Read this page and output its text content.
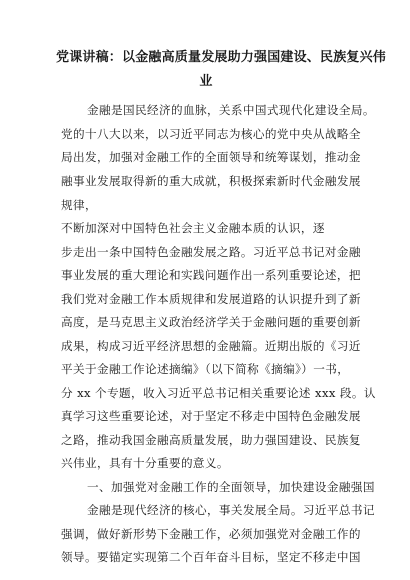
党课讲稿：以金融高质量发展助力强国建设、民族复兴伟
业
金融是国民经济的血脉，关系中国式现代化建设全局。
党的十八大以来，以习近平同志为核心的党中央从战略全
局出发，加强对金融工作的全面领导和统筹谋划，推动金
融事业发展取得新的重大成就，积极探索新时代金融发展
规律，
不断加深对中国特色社会主义金融本质的认识，逐
步走出一条中国特色金融发展之路。习近平总书记对金融
事业发展的重大理论和实践问题作出一系列重要论述，把
我们党对金融工作本质规律和发展道路的认识提升到了新
高度，是马克思主义政治经济学关于金融问题的重要创新
成果，构成习近平经济思想的金融篇。近期出版的《习近
平关于金融工作论述摘编》（以下简称《摘编》）一书，
分 xx 个专题，收入习近平总书记相关重要论述 xxx 段。认
真学习这些重要论述，对于坚定不移走中国特色金融发展
之路，推动我国金融高质量发展，助力强国建设、民族复
兴伟业，具有十分重要的意义。
一、加强党对金融工作的全面领导，加快建设金融强国
金融是现代经济的核心，事关发展全局。习近平总书记
强调，做好新形势下金融工作，必须加强党对金融工作的
领导。要锚定实现第二个百年奋斗目标，坚定不移走中国
